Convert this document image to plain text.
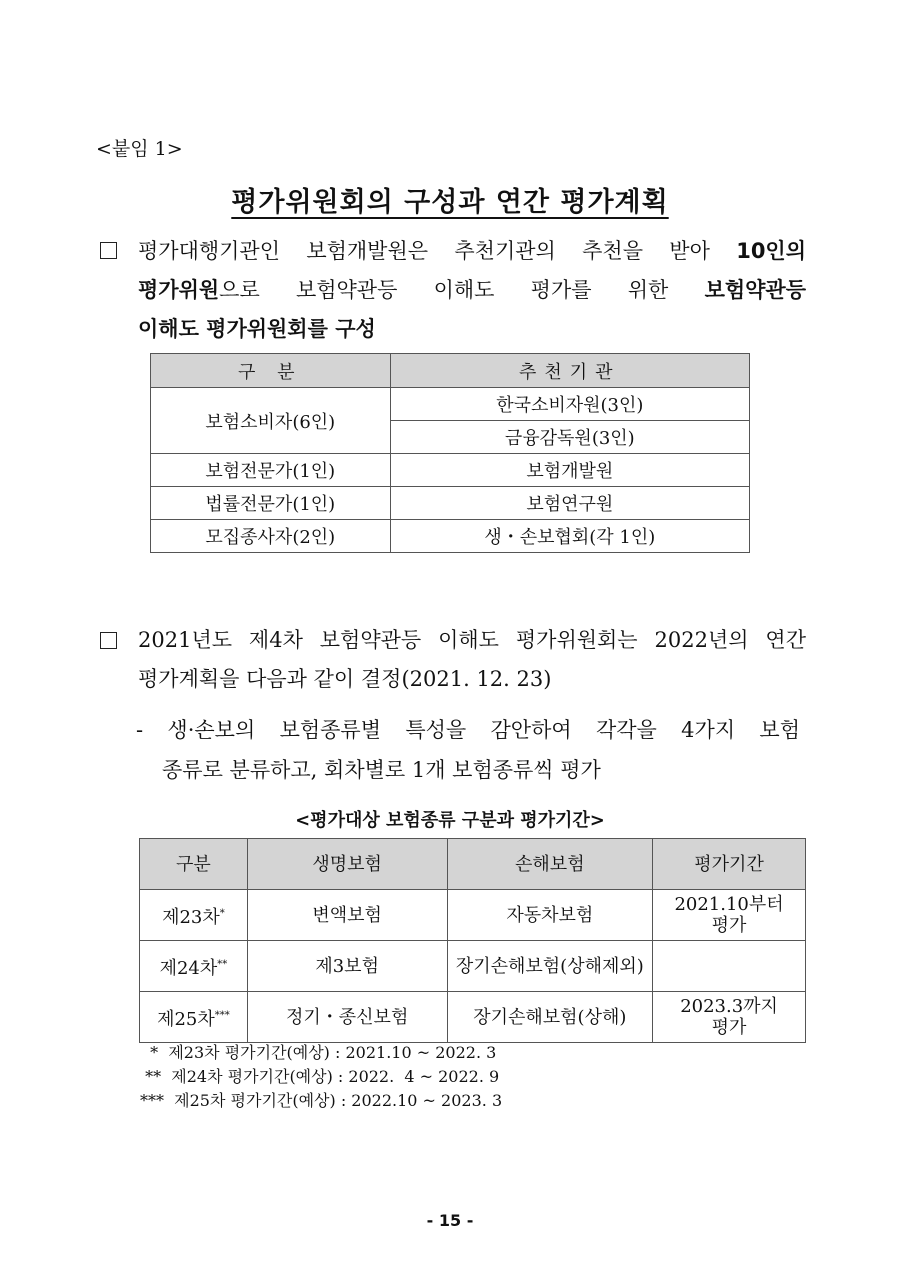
<붙임 1>
평가위원회의 구성과 연간 평가계획
평가대행기관인 보험개발원은 추천기관의 추천을 받아 10인의
평가위원으로 보험약관등 이해도 평가를 위한 보험약관등
이해도 평가위원회를 구성
구 분	추천기관
보험소비자(6인)	한국소비자원(3인)
	금융감독원(3인)
보험전문가(1인)	보험개발원
법률전문가(1인)	보험연구원
모집종사자(2인)	생・손보협회(각 1인)
2021년도 제4차 보험약관등 이해도 평가위원회는 2022년의 연간
평가계획을 다음과 같이 결정(2021. 12. 23)
- 생·손보의 보험종류별 특성을 감안하여 각각을 4가지 보험
종류로 분류하고, 회차별로 1개 보험종류씩 평가
<평가대상 보험종류 구분과 평가기간>
구분	생명보험	손해보험	평가기간
제23차*	변액보험	자동차보험	2021.10부터
평가

제24차**	제3보험	장기손해보험(상해제외)	

제25차***	정기・종신보험	장기손해보험(상해)	2023.3까지
평가
*  제23차 평가기간(예상) : 2021.10 ~ 2022. 3
**  제24차 평가기간(예상) : 2022.  4 ~ 2022. 9
***  제25차 평가기간(예상) : 2022.10 ~ 2023. 3
- 15 -
